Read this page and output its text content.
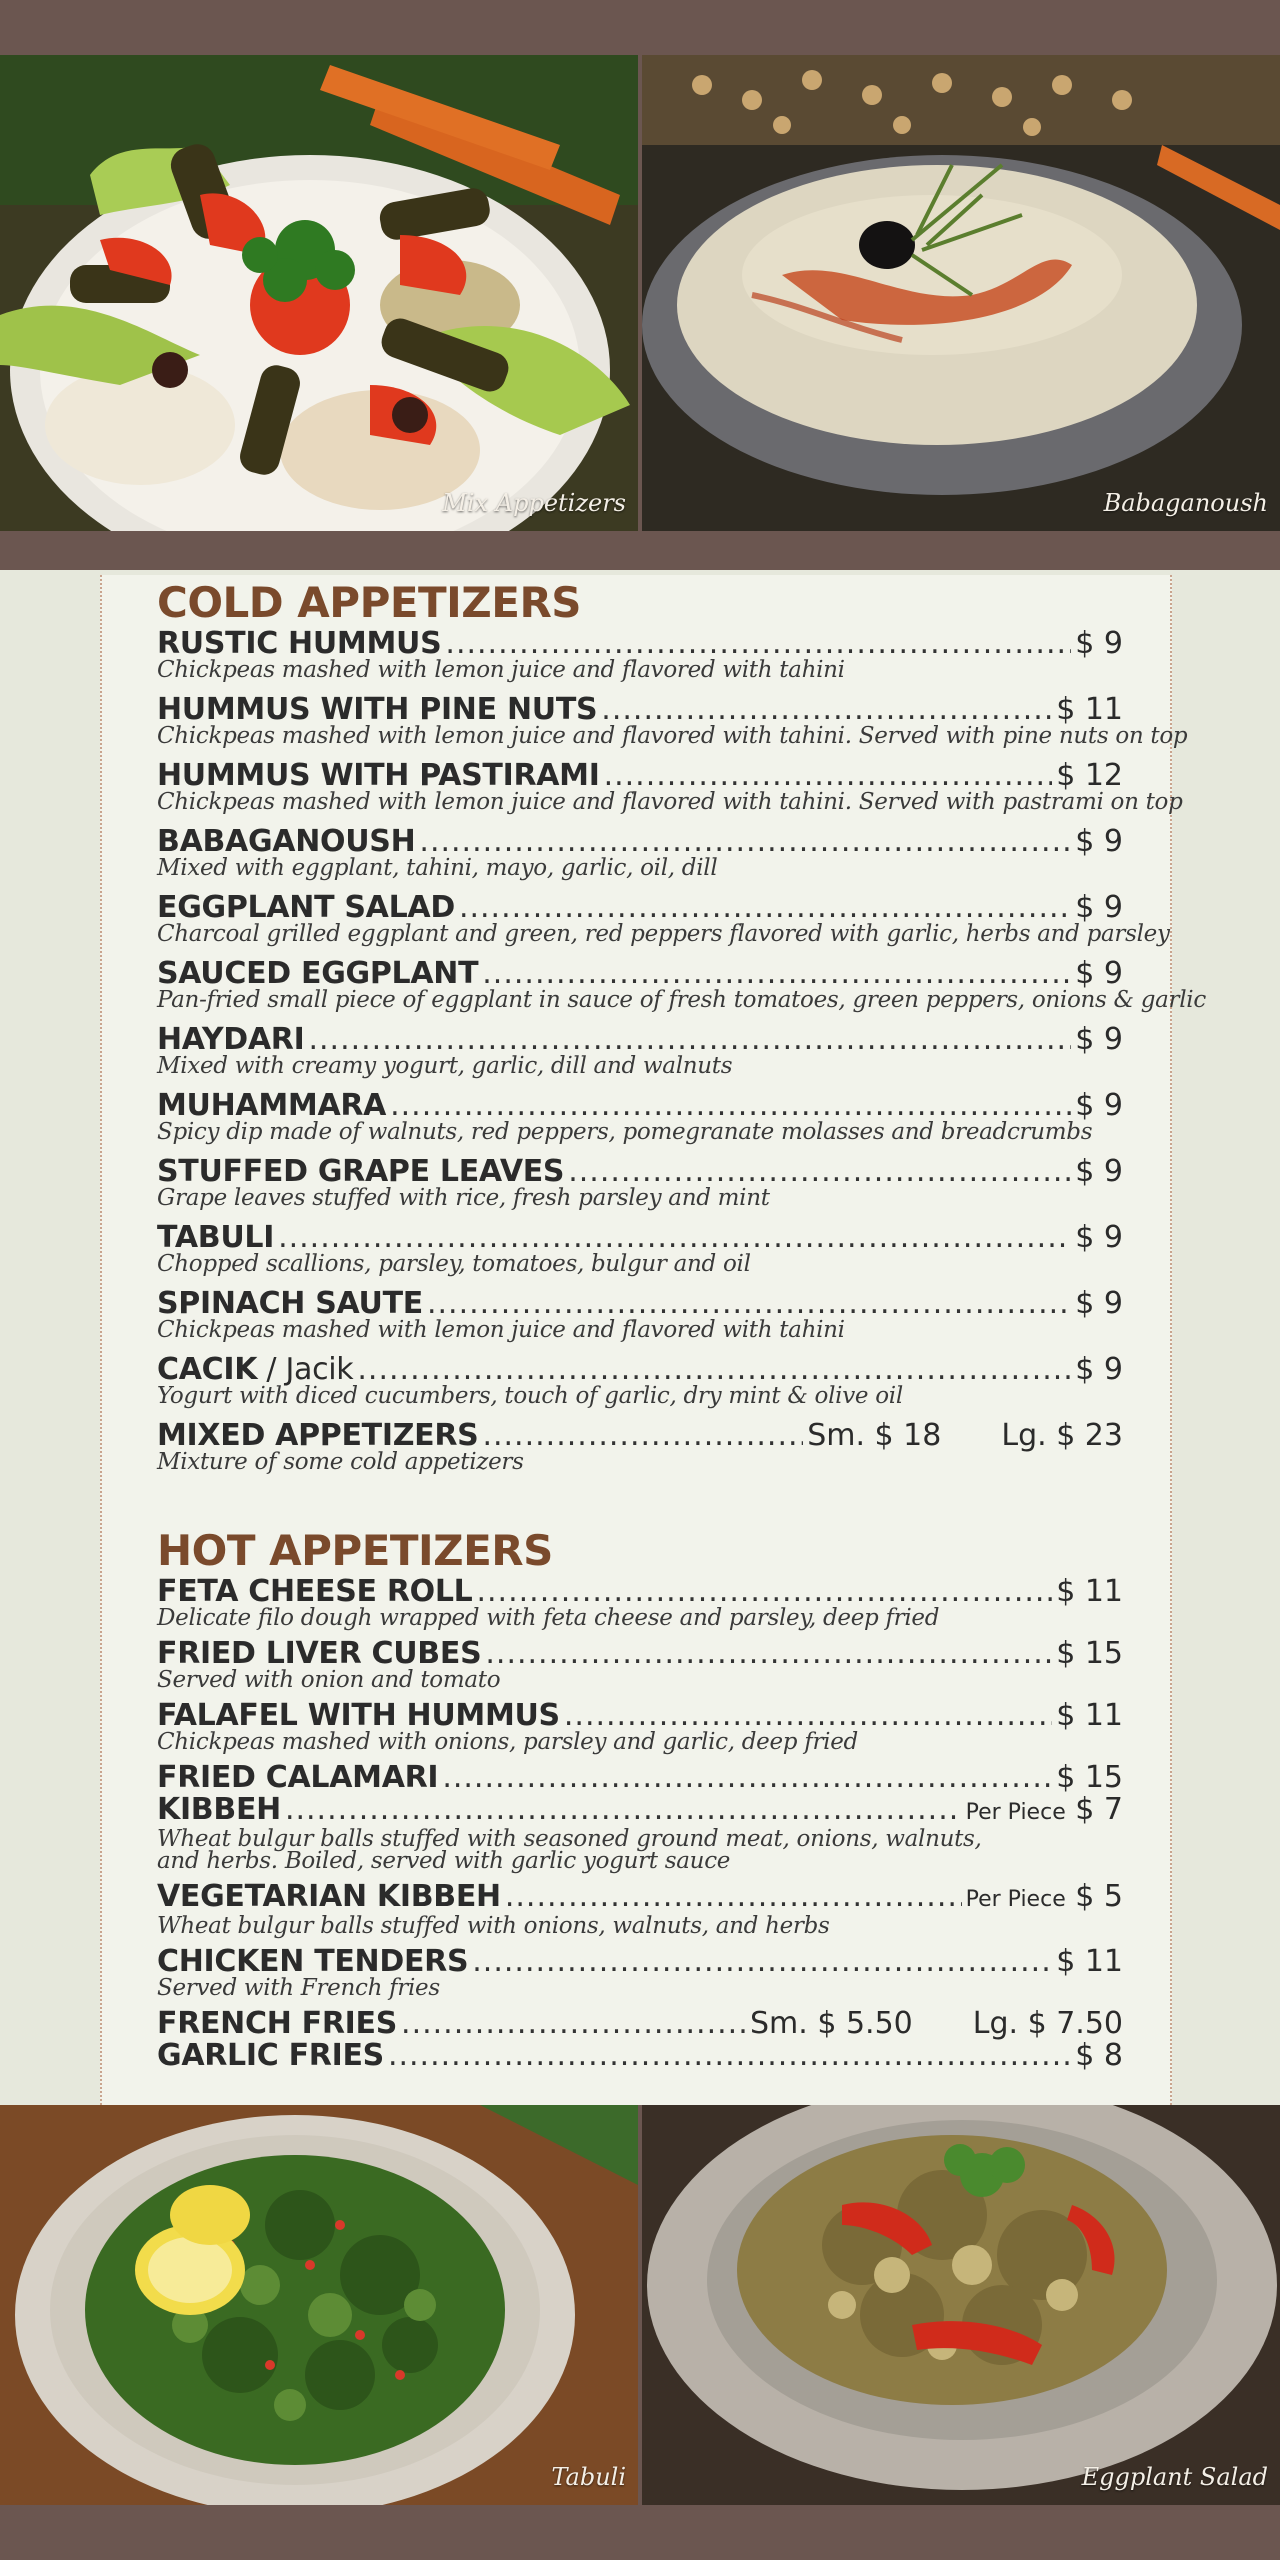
Mix Appetizers	Babaganoush
COLD APPETIZERS
RUSTIC HUMMUS .....	$ 9
Chickpeas mashed with lemon juice and flavored with tahini
HUMMUS WITH PINE NUTS .....	$ 11
Chickpeas mashed with lemon juice and flavored with tahini. Served with pine nuts on top
HUMMUS WITH PASTIRAMI .....	$ 12
Chickpeas mashed with lemon juice and flavored with tahini. Served with pastrami on top
BABAGANOUSH .....	$ 9
Mixed with eggplant, tahini, mayo, garlic, oil, dill
EGGPLANT SALAD .....	$ 9
Charcoal grilled eggplant and green, red peppers flavored with garlic, herbs and parsley
SAUCED EGGPLANT .....	$ 9
Pan-fried small piece of eggplant in sauce of fresh tomatoes, green peppers, onions & garlic
HAYDARI .....	$ 9
Mixed with creamy yogurt, garlic, dill and walnuts
MUHAMMARA .....	$ 9
Spicy dip made of walnuts, red peppers, pomegranate molasses and breadcrumbs
STUFFED GRAPE LEAVES .....	$ 9
Grape leaves stuffed with rice, fresh parsley and mint
TABULI .....	$ 9
Chopped scallions, parsley, tomatoes, bulgur and oil
SPINACH SAUTE .....	$ 9
Chickpeas mashed with lemon juice and flavored with tahini
CACIK / Jacik .....	$ 9
Yogurt with diced cucumbers, touch of garlic, dry mint & olive oil
MIXED APPETIZERS .....	Sm. $ 18 Lg. $ 23
Mixture of some cold appetizers
HOT APPETIZERS
FETA CHEESE ROLL .....	$ 11
Delicate filo dough wrapped with feta cheese and parsley, deep fried
FRIED LIVER CUBES .....	$ 15
Served with onion and tomato
FALAFEL WITH HUMMUS .....	$ 11
Chickpeas mashed with onions, parsley and garlic, deep fried
FRIED CALAMARI .....	$ 15
KIBBEH .....	Per Piece $ 7
Wheat bulgur balls stuffed with seasoned ground meat, onions, walnuts,
and herbs. Boiled, served with garlic yogurt sauce
VEGETARIAN KIBBEH .....	Per Piece $ 5
Wheat bulgur balls stuffed with onions, walnuts, and herbs
CHICKEN TENDERS .....	$ 11
Served with French fries
FRENCH FRIES .....	Sm. $ 5.50 Lg. $ 7.50
GARLIC FRIES .....	$ 8
Tabuli	Eggplant Salad
